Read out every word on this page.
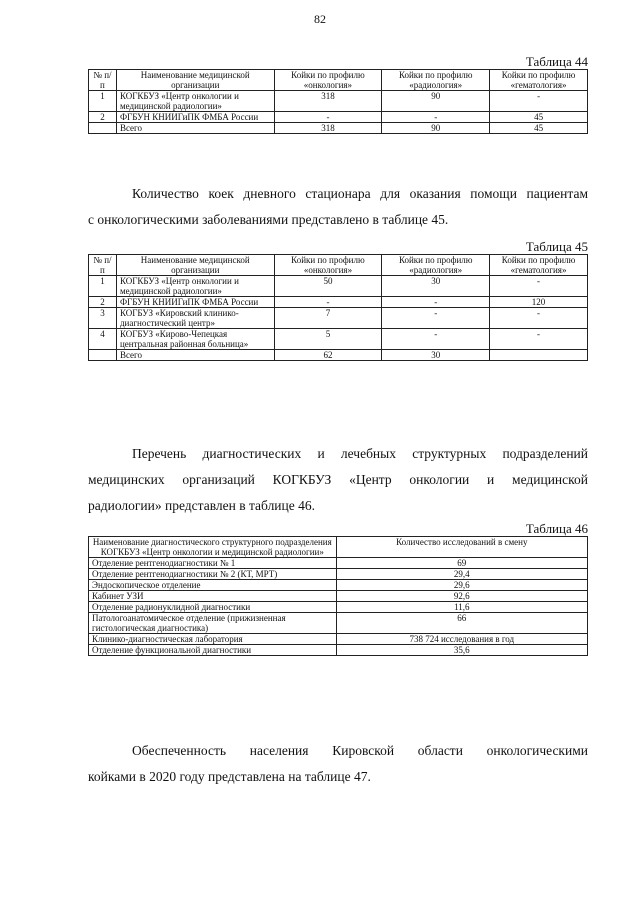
82
Таблица 44
№ п/п	Наименование медицинской организации	Койки по профилю «онкология»	Койки по профилю «радиология»	Койки по профилю «гематология»
1	КОГКБУЗ «Центр онкологии и медицинской радиологии»	318	90	-
2	ФГБУН КНИИГиПК ФМБА России	-	-	45
	Всего	318	90	45
Количество коек дневного стационара для оказания помощи пациентам
с онкологическими заболеваниями представлено в таблице 45.
Таблица 45
№ п/п	Наименование медицинской организации	Койки по профилю «онкология»	Койки по профилю «радиология»	Койки по профилю «гематология»
1	КОГКБУЗ «Центр онкологии и медицинской радиологии»	50	30	-
2	ФГБУН КНИИГиПК ФМБА России	-	-	120
3	КОГБУЗ «Кировский клинико-диагностический центр»	7	-	-
4	КОГБУЗ «Кирово-Чепецкая центральная районная больница»	5	-	-
	Всего	62	30	
Перечень диагностических и лечебных структурных подразделений
медицинских организаций КОГКБУЗ «Центр онкологии и медицинской
радиологии» представлен в таблице 46.
Таблица 46
Наименование диагностического структурного подразделения КОГКБУЗ «Центр онкологии и медицинской радиологии»	Количество исследований в смену
Отделение рентгенодиагностики № 1	69
Отделение рентгенодиагностики № 2 (КТ, МРТ)	29,4
Эндоскопическое отделение	29,6
Кабинет УЗИ	92,6
Отделение радионуклидной диагностики	11,6
Патологоанатомическое отделение (прижизненная гистологическая диагностика)	66
Клинико-диагностическая лаборатория	738 724 исследования в год
Отделение функциональной диагностики	35,6
Обеспеченность населения Кировской области онкологическими
койками в 2020 году представлена на таблице 47.
